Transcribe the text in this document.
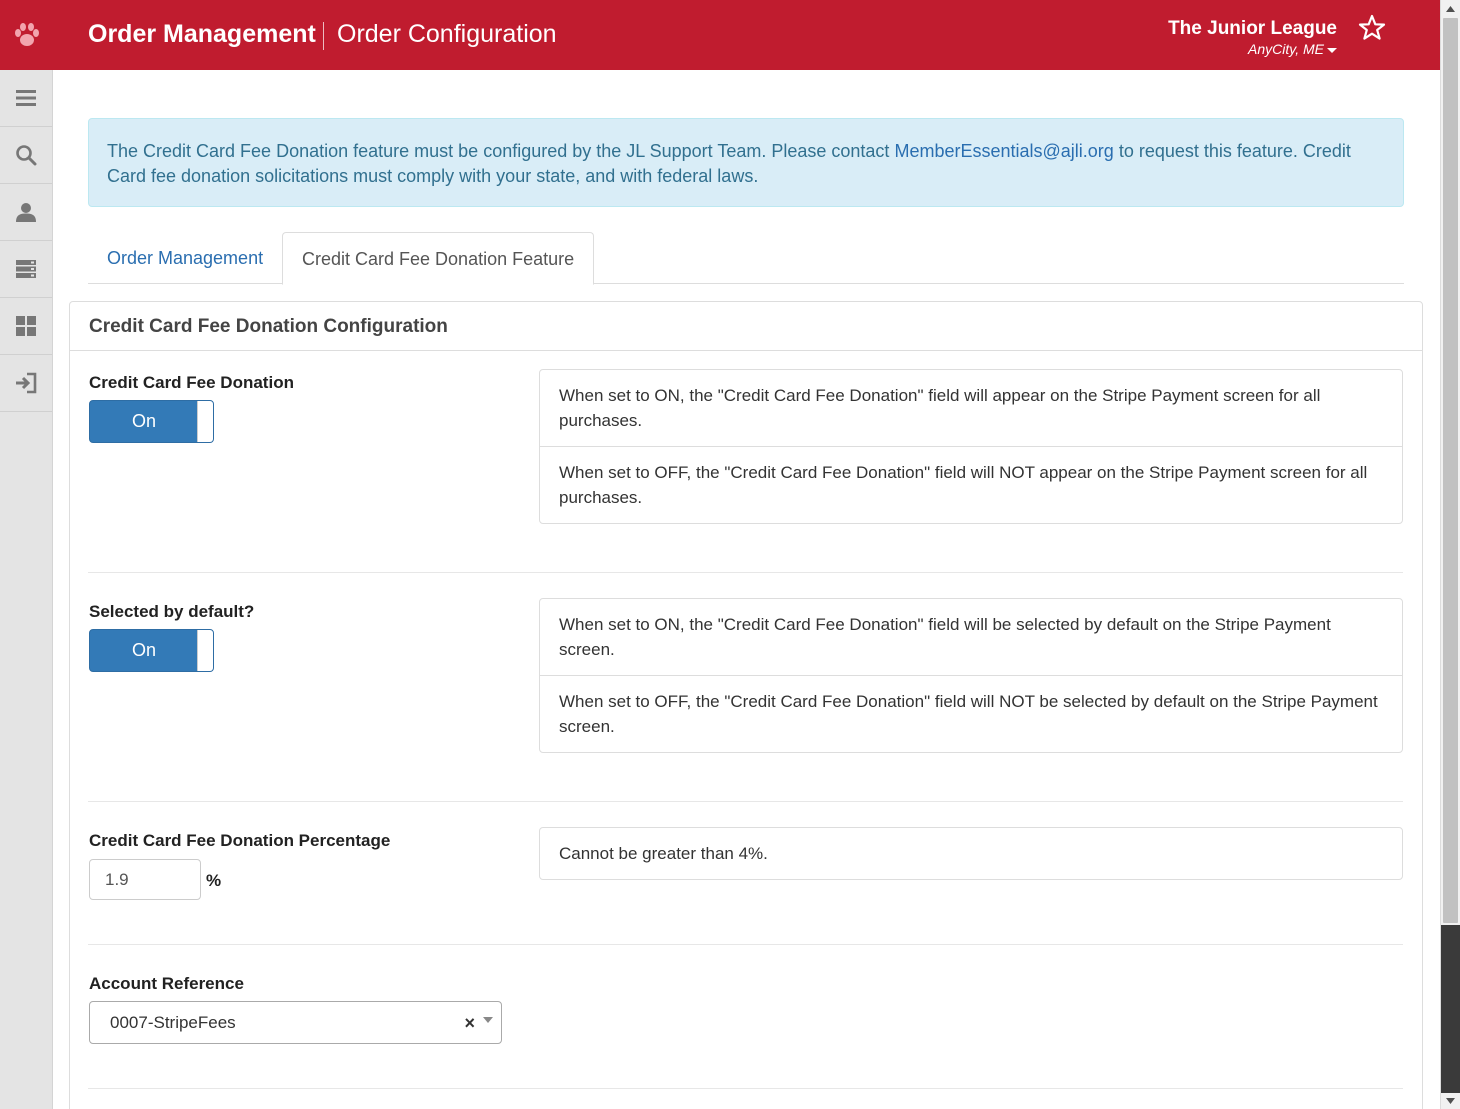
Order Management Order Configuration	The Junior League
AnyCity, ME
The Credit Card Fee Donation feature must be configured by the JL Support Team. Please contact MemberEssentials@ajli.org to request this feature. Credit Card fee donation solicitations must comply with your state, and with federal laws.
Order Management	Credit Card Fee Donation Feature
Credit Card Fee Donation Configuration
Credit Card Fee Donation
On
When set to ON, the "Credit Card Fee Donation" field will appear on the Stripe Payment screen for all purchases.
When set to OFF, the "Credit Card Fee Donation" field will NOT appear on the Stripe Payment screen for all purchases.
Selected by default?
On
When set to ON, the "Credit Card Fee Donation" field will be selected by default on the Stripe Payment screen.
When set to OFF, the "Credit Card Fee Donation" field will NOT be selected by default on the Stripe Payment screen.
Credit Card Fee Donation Percentage
1.9	%
Cannot be greater than 4%.
Account Reference
0007-StripeFees	×
